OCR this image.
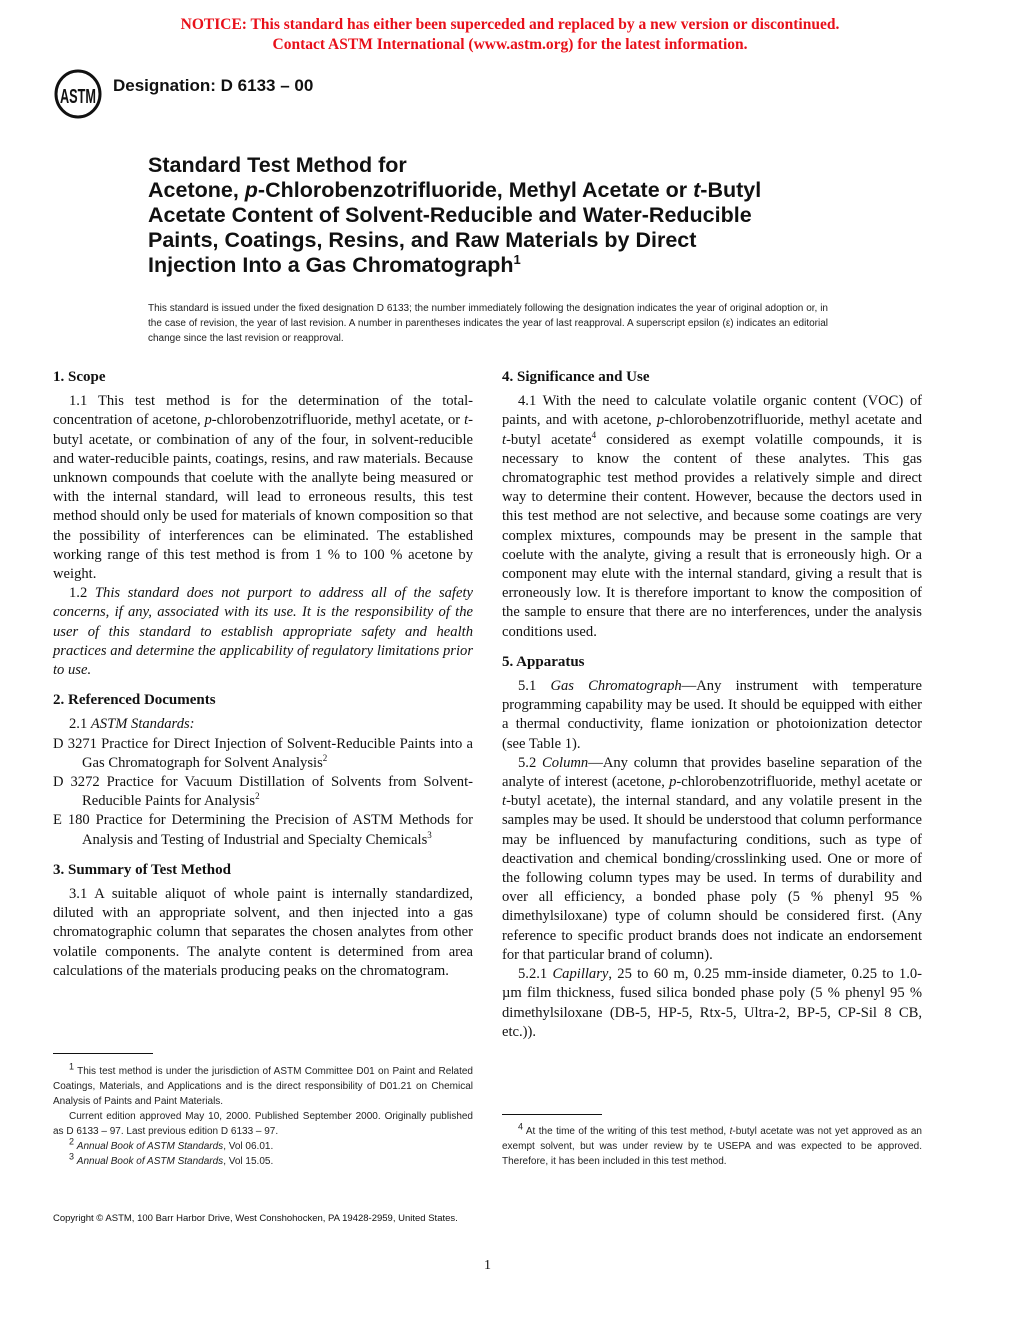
NOTICE: This standard has either been superceded and replaced by a new version or discontinued.
Contact ASTM International (www.astm.org) for the latest information.
ASTM
Designation: D 6133 – 00
Standard Test Method for
Acetone, p-Chlorobenzotrifluoride, Methyl Acetate or t-Butyl
Acetate Content of Solvent-Reducible and Water-Reducible
Paints, Coatings, Resins, and Raw Materials by Direct
Injection Into a Gas Chromatograph$^1$
This standard is issued under the fixed designation D 6133; the number immediately following the designation indicates the year of original adoption or, in the case of revision, the year of last revision. A number in parentheses indicates the year of last reapproval. A superscript epsilon (ε) indicates an editorial change since the last revision or reapproval.
1. Scope

1.1 This test method is for the determination of the total-concentration of acetone, p-chlorobenzotrifluoride, methyl acetate, or t-butyl acetate, or combination of any of the four, in solvent-reducible and water-reducible paints, coatings, resins, and raw materials. Because unknown compounds that coelute with the anallyte being measured or with the internal standard, will lead to erroneous results, this test method should only be used for materials of known composition so that the possibility of interferences can be eliminated. The established working range of this test method is from 1 % to 100 % acetone by weight.

1.2 This standard does not purport to address all of the safety concerns, if any, associated with its use. It is the responsibility of the user of this standard to establish appropriate safety and health practices and determine the applicability of regulatory limitations prior to use.

2. Referenced Documents

2.1 ASTM Standards:

D 3271 Practice for Direct Injection of Solvent-Reducible Paints into a Gas Chromatograph for Solvent Analysis$^2$

D 3272 Practice for Vacuum Distillation of Solvents from Solvent-Reducible Paints for Analysis$^2$

E 180 Practice for Determining the Precision of ASTM Methods for Analysis and Testing of Industrial and Specialty Chemicals$^3$

3. Summary of Test Method

3.1 A suitable aliquot of whole paint is internally standardized, diluted with an appropriate solvent, and then injected into a gas chromatographic column that separates the chosen analytes from other volatile components. The analyte content is determined from area calculations of the materials producing peaks on the chromatogram.

4. Significance and Use

4.1 With the need to calculate volatile organic content (VOC) of paints, and with acetone, p-chlorobenzotrifluoride, methyl acetate and t-butyl acetate$^4$ considered as exempt volatille compounds, it is necessary to know the content of these analytes. This gas chromatographic test method provides a relatively simple and direct way to determine their content. However, because the dectors used in this test method are not selective, and because some coatings are very complex mixtures, compounds may be present in the sample that coelute with the analyte, giving a result that is erroneously high. Or a component may elute with the internal standard, giving a result that is erroneously low. It is therefore important to know the composition of the sample to ensure that there are no interferences, under the analysis conditions used.

5. Apparatus

5.1 Gas Chromatograph—Any instrument with temperature programming capability may be used. It should be equipped with either a thermal conductivity, flame ionization or photoionization detector (see Table 1).

5.2 Column—Any column that provides baseline separation of the analyte of interest (acetone, p-chlorobenzotrifluoride, methyl acetate or t-butyl acetate), the internal standard, and any volatile present in the samples may be used. It should be understood that column performance may be influenced by manufacturing conditions, such as type of deactivation and chemical bonding/crosslinking used. One or more of the following column types may be used. In terms of durability and over all efficiency, a bonded phase poly (5 % phenyl 95 % dimethylsiloxane) type of column should be considered first. (Any reference to specific product brands does not indicate an endorsement for that particular brand of column).

5.2.1 Capillary, 25 to 60 m, 0.25 mm-inside diameter, 0.25 to 1.0-µm film thickness, fused silica bonded phase poly (5 % phenyl 95 % dimethylsiloxane (DB-5, HP-5, Rtx-5, Ultra-2, BP-5, CP-Sil 8 CB, etc.)).

$^1$ This test method is under the jurisdiction of ASTM Committee D01 on Paint and Related Coatings, Materials, and Applications and is the direct responsibility of D01.21 on Chemical Analysis of Paints and Paint Materials.

Current edition approved May 10, 2000. Published September 2000. Originally published as D 6133 – 97. Last previous edition D 6133 – 97.

$^2$ Annual Book of ASTM Standards, Vol 06.01.

$^3$ Annual Book of ASTM Standards, Vol 15.05.

$^4$ At the time of the writing of this test method, t-butyl acetate was not yet approved as an exempt solvent, but was under review by te USEPA and was expected to be approved. Therefore, it has been included in this test method.

Copyright © ASTM, 100 Barr Harbor Drive, West Conshohocken, PA 19428-2959, United States.
1
